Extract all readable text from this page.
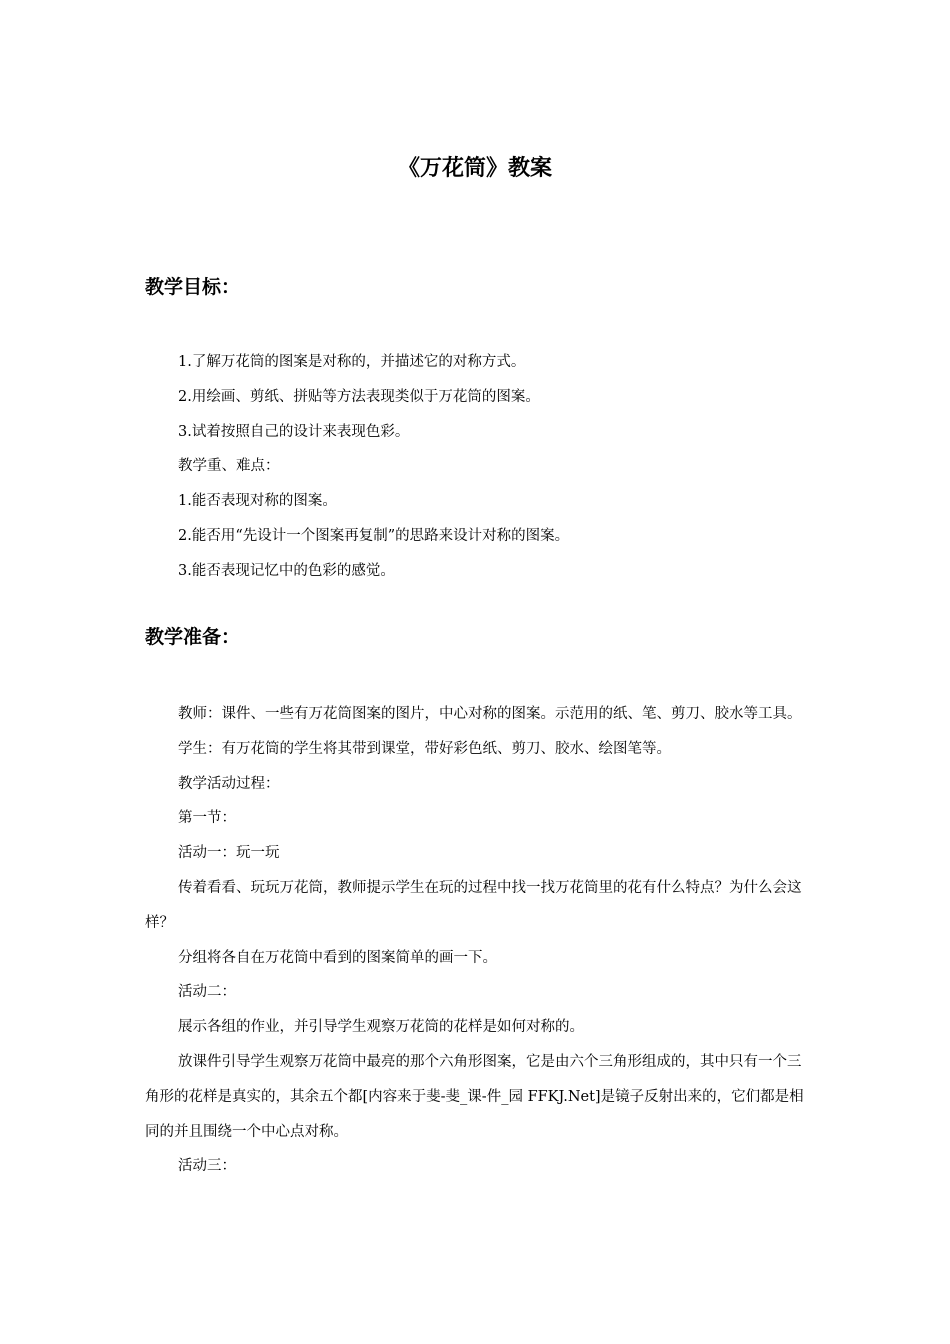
《万花筒》教案
教学目标：

1.了解万花筒的图案是对称的，并描述它的对称方式。

2.用绘画、剪纸、拼贴等方法表现类似于万花筒的图案。

3.试着按照自己的设计来表现色彩。

教学重、难点：

1.能否表现对称的图案。

2.能否用“先设计一个图案再复制”的思路来设计对称的图案。

3.能否表现记忆中的色彩的感觉。

教学准备：

教师：课件、一些有万花筒图案的图片，中心对称的图案。示范用的纸、笔、剪刀、胶水等工具。

学生：有万花筒的学生将其带到课堂，带好彩色纸、剪刀、胶水、绘图笔等。

教学活动过程：

第一节：

活动一：玩一玩

传着看看、玩玩万花筒，教师提示学生在玩的过程中找一找万花筒里的花有什么特点？为什么会这样？

分组将各自在万花筒中看到的图案简单的画一下。

活动二：

展示各组的作业，并引导学生观察万花筒的花样是如何对称的。

放课件引导学生观察万花筒中最亮的那个六角形图案，它是由六个三角形组成的，其中只有一个三角形的花样是真实的，其余五个都[内容来于斐-斐_课-件_园 FFKJ.Net]是镜子反射出来的，它们都是相同的并且围绕一个中心点对称。

活动三：
